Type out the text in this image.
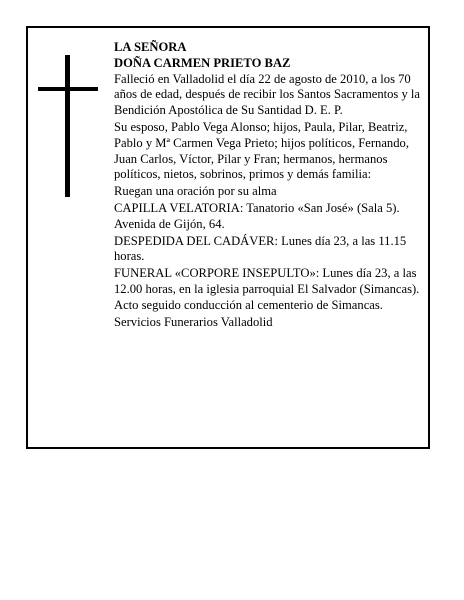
LA SEÑORA

DOÑA CARMEN PRIETO BAZ

Falleció en Valladolid el día 22 de agosto de 2010, a los 70 años de edad, después de recibir los Santos Sacramentos y la Bendición Apostólica de Su Santidad D. E. P.

Su esposo, Pablo Vega Alonso; hijos, Paula, Pilar, Beatriz, Pablo y Mª Carmen Vega Prieto; hijos políticos, Fernando, Juan Carlos, Víctor, Pilar y Fran; hermanos, hermanos políticos, nietos, sobrinos, primos y demás familia:

Ruegan una oración por su alma

CAPILLA VELATORIA: Tanatorio «San José» (Sala 5). Avenida de Gijón, 64.

DESPEDIDA DEL CADÁVER: Lunes día 23, a las 11.15 horas.

FUNERAL «CORPORE INSEPULTO»: Lunes día 23, a las 12.00 horas, en la iglesia parroquial El Salvador (Simancas). Acto seguido conducción al cementerio de Simancas.

Servicios Funerarios Valladolid
